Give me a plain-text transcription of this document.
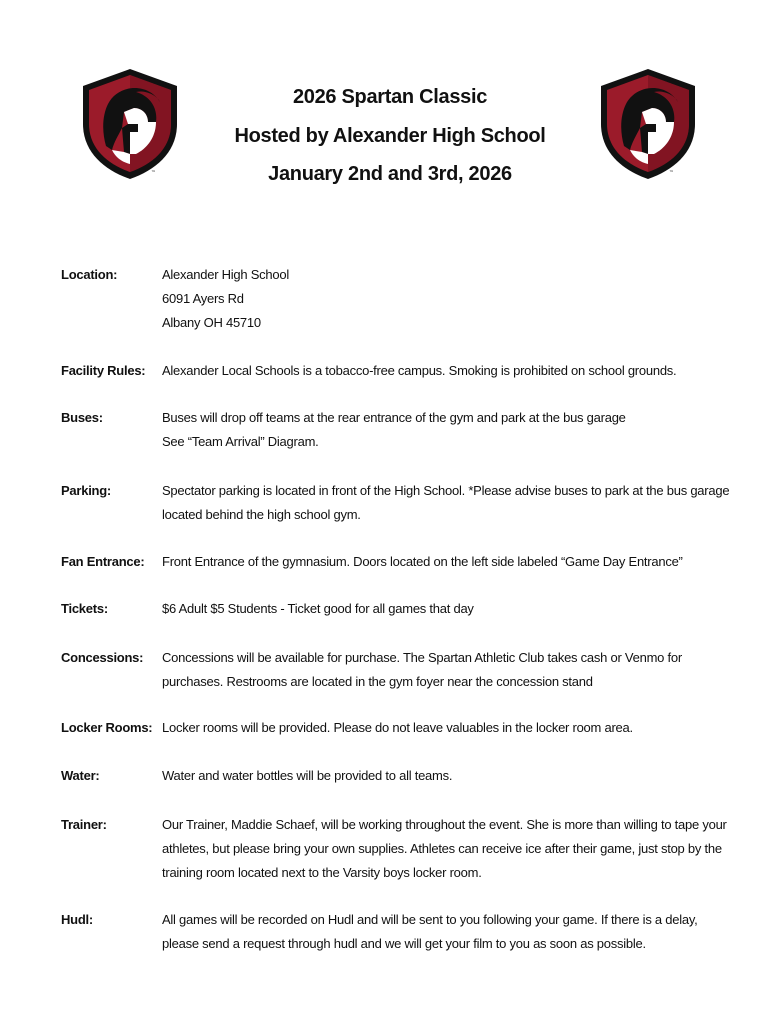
™	™
2026 Spartan Classic
Hosted by Alexander High School
January 2nd and 3rd, 2026
Location:	Alexander High School
6091 Ayers Rd
Albany OH 45710
Facility Rules: Alexander Local Schools is a tobacco-free campus. Smoking is prohibited on school grounds.
Buses:	Buses will drop off teams at the rear entrance of the gym and park at the bus garage
See “Team Arrival” Diagram.
Parking:	Spectator parking is located in front of the High School. *Please advise buses to park at the bus garage
located behind the high school gym.
Fan Entrance: Front Entrance of the gymnasium. Doors located on the left side labeled “Game Day Entrance”
Tickets:	$6 Adult $5 Students - Ticket good for all games that day
Concessions: Concessions will be available for purchase. The Spartan Athletic Club takes cash or Venmo for
purchases. Restrooms are located in the gym foyer near the concession stand
Locker Rooms: Locker rooms will be provided. Please do not leave valuables in the locker room area.
Water:	Water and water bottles will be provided to all teams.
Trainer:	Our Trainer, Maddie Schaef, will be working throughout the event. She is more than willing to tape your
athletes, but please bring your own supplies. Athletes can receive ice after their game, just stop by the
training room located next to the Varsity boys locker room.
Hudl:	All games will be recorded on Hudl and will be sent to you following your game. If there is a delay,
please send a request through hudl and we will get your film to you as soon as possible.
